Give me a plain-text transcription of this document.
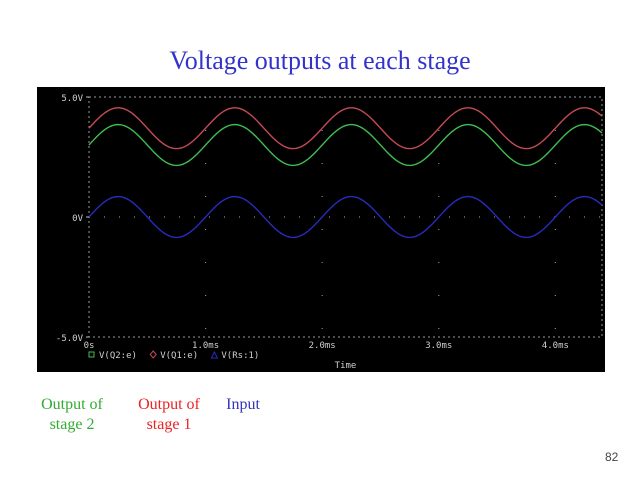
Voltage outputs at each stage
5.0V
0V
-5.0V
0s	1.0ms	2.0ms	3.0ms	4.0ms
Time
V(Q2:e)	V(Q1:e)	V(Rs:1)
Output of
stage 2
Output of
stage 1
Input
82
